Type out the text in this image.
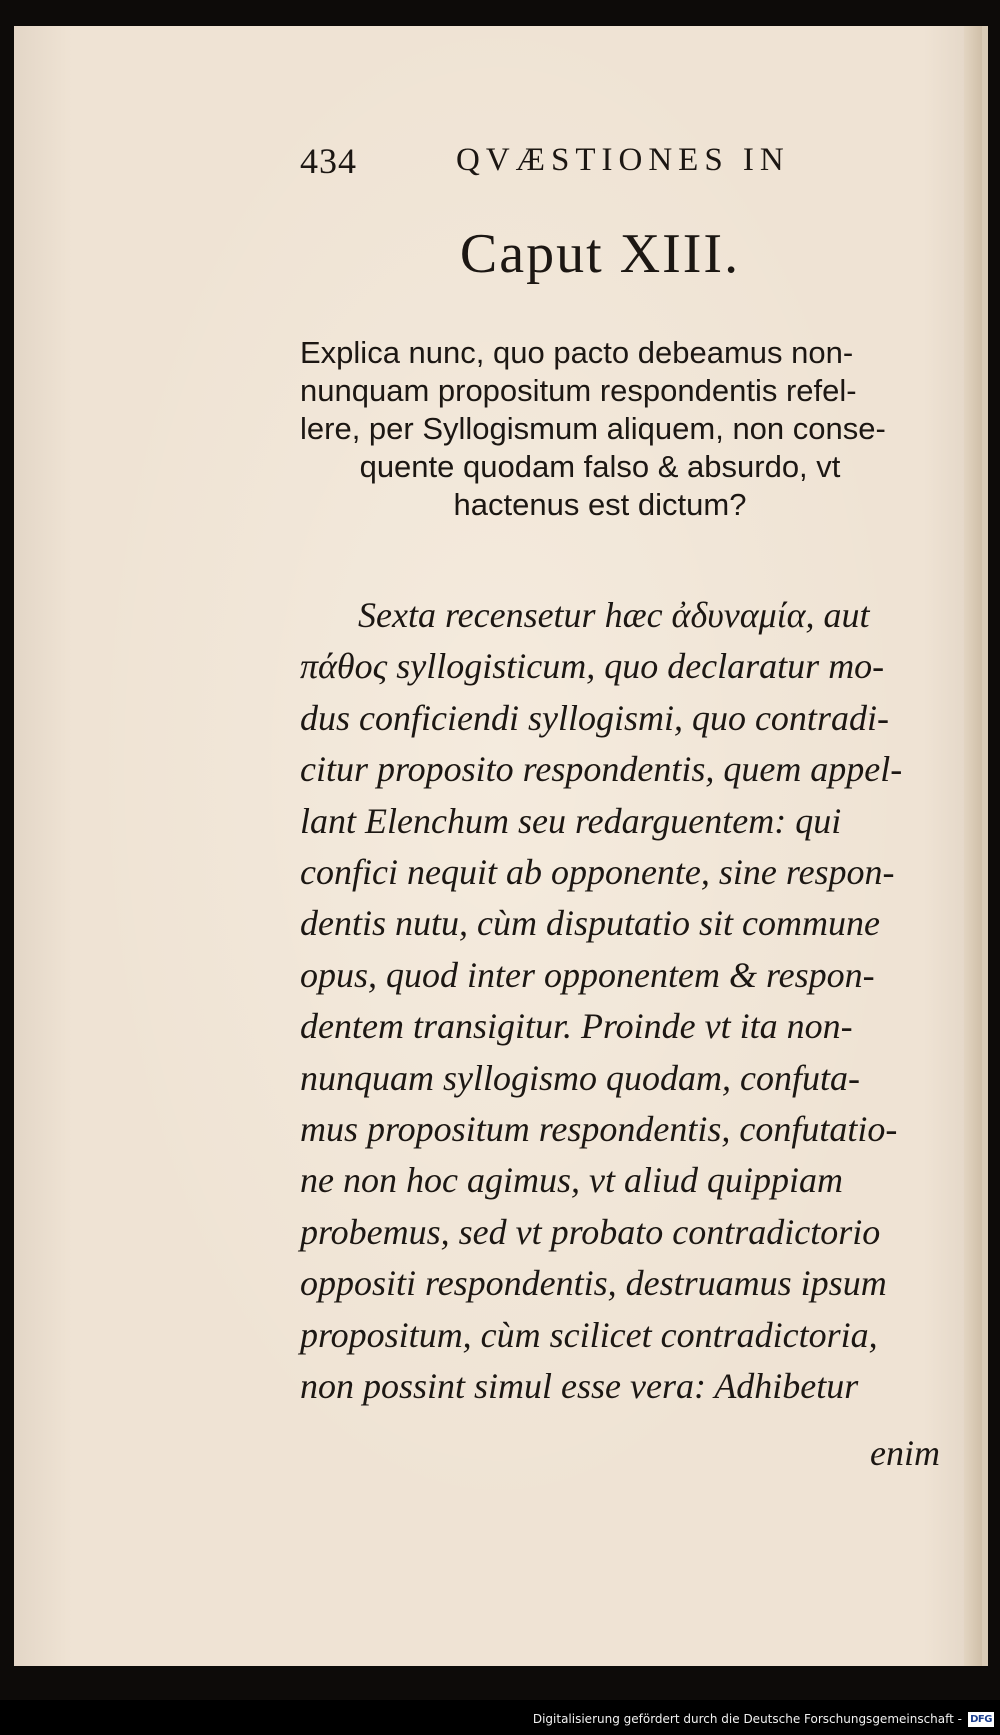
434	QVÆSTIONES IN
Caput XIII.
Explica nunc, quo pacto debeamus non-
nunquam propositum respondentis refel-
lere, per Syllogismum aliquem, non conse-
quente quodam falso & absurdo, vt
hactenus est dictum?
Sexta recensetur hæc ἀδυναμία, aut
πάθος syllogisticum, quo declaratur mo-
dus conficiendi syllogismi, quo contradi-
citur proposito respondentis, quem appel-
lant Elenchum seu redarguentem: qui
confici nequit ab opponente, sine respon-
dentis nutu, cùm disputatio sit commune
opus, quod inter opponentem & respon-
dentem transigitur. Proinde vt ita non-
nunquam syllogismo quodam, confuta-
mus propositum respondentis, confutatio-
ne non hoc agimus, vt aliud quippiam
probemus, sed vt probato contradictorio
oppositi respondentis, destruamus ipsum
propositum, cùm scilicet contradictoria,
non possint simul esse vera: Adhibetur
enim
Digitalisierung gefördert durch die Deutsche Forschungsgemeinschaft - DFG
